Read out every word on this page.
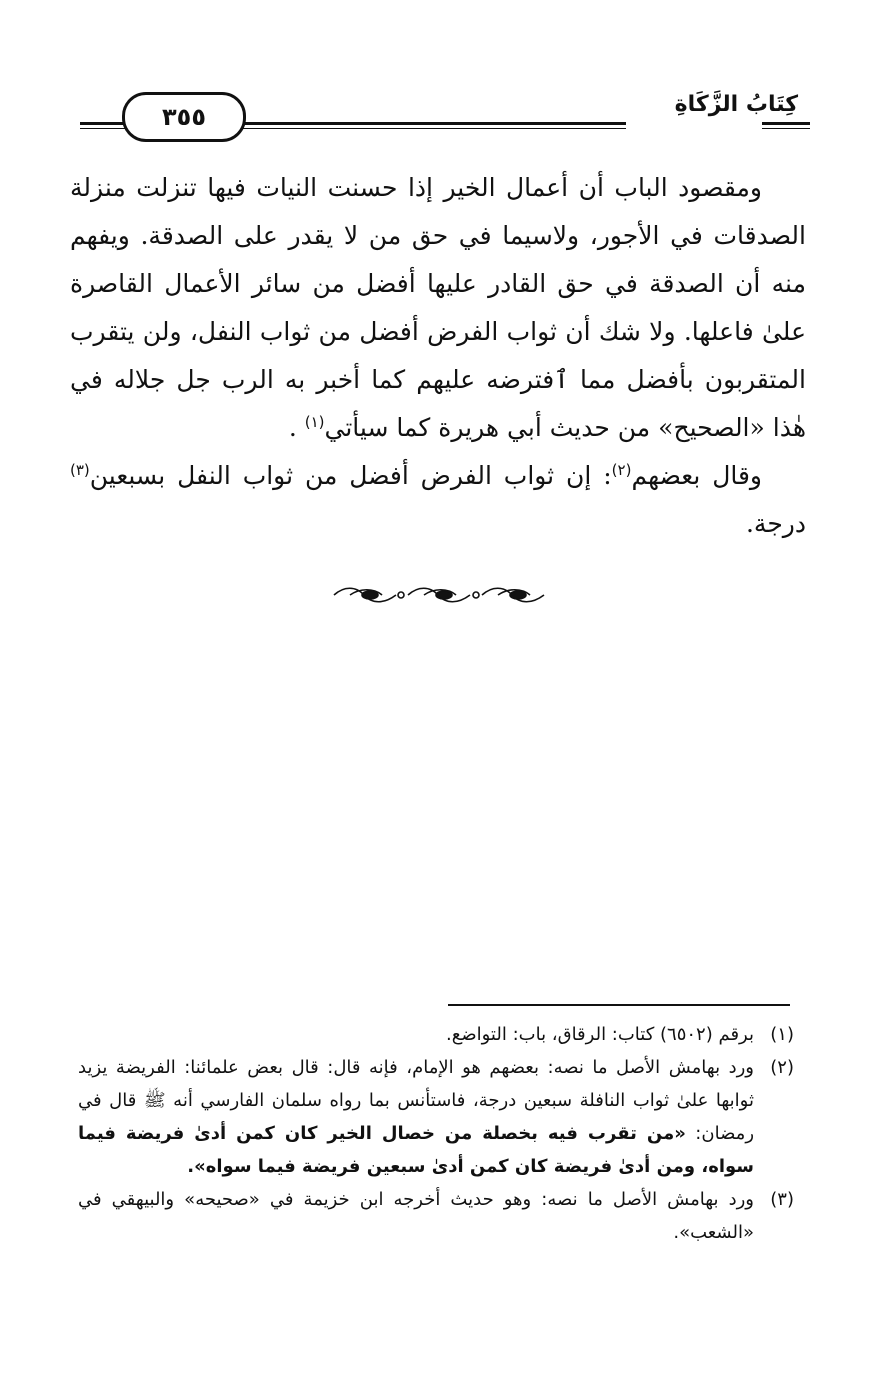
كِتَابُ الزَّكَاةِ
٣٥٥

ومقصود الباب أن أعمال الخير إذا حسنت النيات فيها تنزلت منزلة الصدقات في الأجور، ولاسيما في حق من لا يقدر على الصدقة. ويفهم منه أن الصدقة في حق القادر عليها أفضل من سائر الأعمال القاصرة علىٰ فاعلها. ولا شك أن ثواب الفرض أفضل من ثواب النفل، ولن يتقرب المتقربون بأفضل مما ٱفترضه عليهم كما أخبر به الرب جل جلاله في هٰذا «الصحيح» من حديث أبي هريرة كما سيأتي$^{(١)}$ .

وقال بعضهم$^{(٢)}$: إن ثواب الفرض أفضل من ثواب النفل بسبعين$^{(٣)}$ درجة.

(١)
برقم (٦٥٠٢) كتاب: الرقاق، باب: التواضع.
(٢)
ورد بهامش الأصل ما نصه: بعضهم هو الإمام، فإنه قال: قال بعض علمائنا: الفريضة يزيد ثوابها علىٰ ثواب النافلة سبعين درجة، فاستأنس بما رواه سلمان الفارسي أنه ﷺ قال في رمضان: «من تقرب فيه بخصلة من خصال الخير كان كمن أدىٰ فريضة فيما سواه، ومن أدىٰ فريضة كان كمن أدىٰ سبعين فريضة فيما سواه».
(٣)
ورد بهامش الأصل ما نصه: وهو حديث أخرجه ابن خزيمة في «صحيحه» والبيهقي في «الشعب».
